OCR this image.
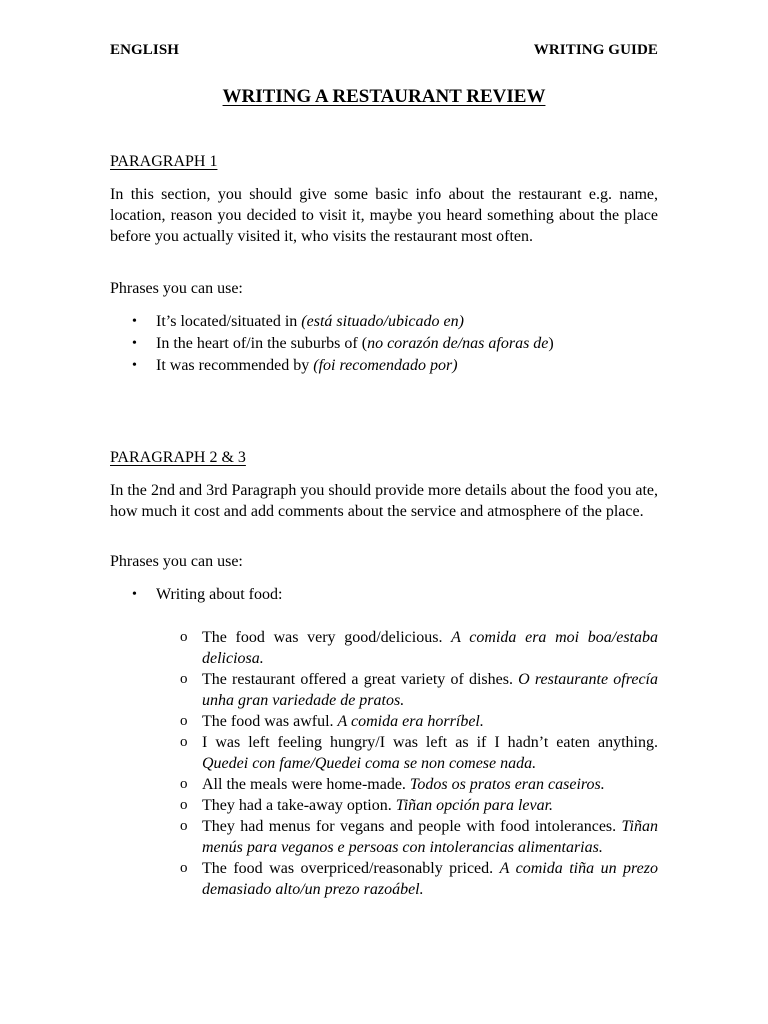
ENGLISH	WRITING GUIDE
WRITING A RESTAURANT REVIEW
PARAGRAPH 1
In this section, you should give some basic info about the restaurant e.g. name, location, reason you decided to visit it, maybe you heard something about the place before you actually visited it, who visits the restaurant most often.
Phrases you can use:
• It’s located/situated in (está situado/ubicado en)
• In the heart of/in the suburbs of (no corazón de/nas aforas de)
• It was recommended by (foi recomendado por)
PARAGRAPH 2 & 3
In the 2nd and 3rd Paragraph you should provide more details about the food you ate, how much it cost and add comments about the service and atmosphere of the place.
Phrases you can use:
• Writing about food:
o The food was very good/delicious. A comida era moi boa/estaba deliciosa.
o The restaurant offered a great variety of dishes. O restaurante ofrecía unha gran variedade de pratos.
o The food was awful. A comida era horríbel.
o I was left feeling hungry/I was left as if I hadn’t eaten anything. Quedei con fame/Quedei coma se non comese nada.
o All the meals were home-made. Todos os pratos eran caseiros.
o They had a take-away option. Tiñan opción para levar.
o They had menus for vegans and people with food intolerances. Tiñan menús para veganos e persoas con intolerancias alimentarias.
o The food was overpriced/reasonably priced. A comida tiña un prezo demasiado alto/un prezo razoábel.
